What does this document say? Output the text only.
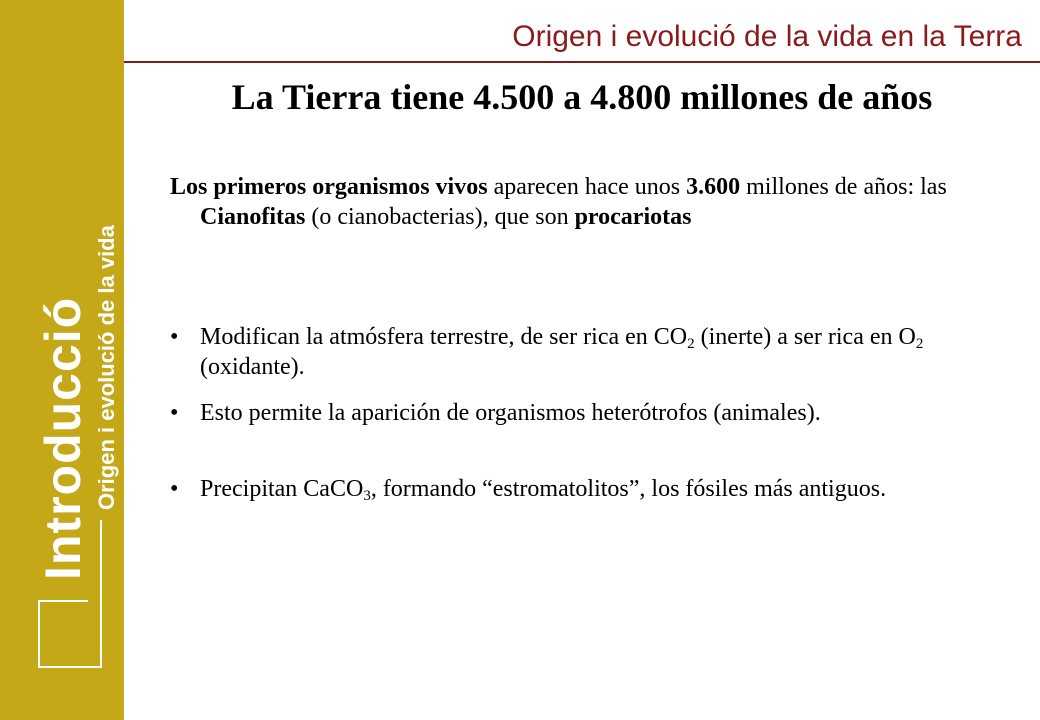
Introducció Origen i evolució de la vida
Origen i evolució de la vida en la Terra
La Tierra tiene 4.500 a 4.800 millones de años
Los primeros organismos vivos aparecen hace unos 3.600 millones de años: las Cianofitas (o cianobacterias), que son procariotas
• Modifican la atmósfera terrestre, de ser rica en $CO_2$ (inerte) a ser rica en $O_2$ (oxidante).
• Esto permite la aparición de organismos heterótrofos (animales).
• Precipitan CaCO$_3$, formando “estromatolitos”, los fósiles más antiguos.
